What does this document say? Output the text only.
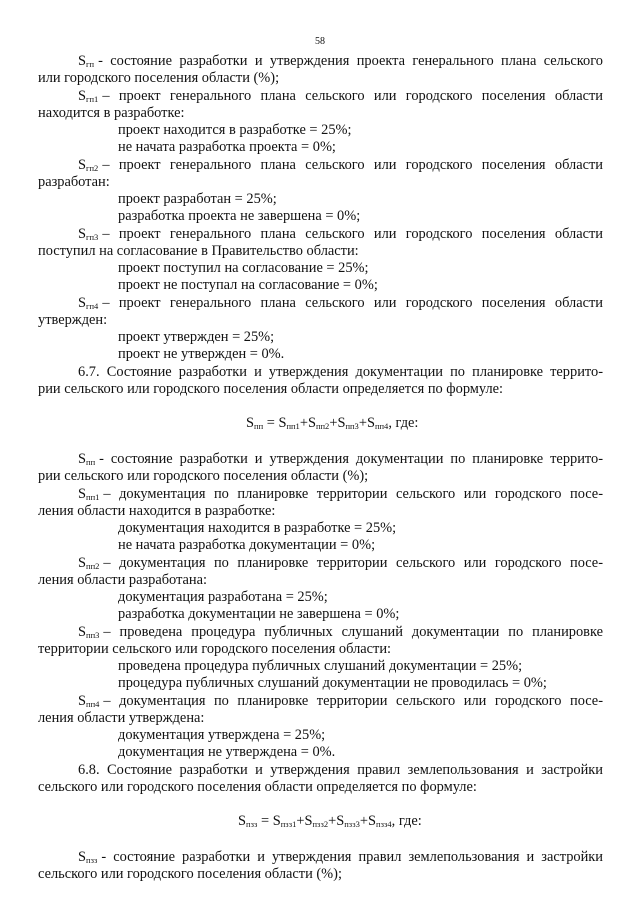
58
$S_{гп}$ - состояние разработки и утверждения проекта генерального плана сельского
или городского поселения области (%);
$S_{гп1}$ – проект генерального плана сельского или городского поселения области
находится в разработке:
проект находится в разработке = 25%;
не начата разработка проекта = 0%;
$S_{гп2}$ – проект генерального плана сельского или городского поселения области
разработан:
проект разработан = 25%;
разработка проекта не завершена = 0%;
$S_{гп3}$ – проект генерального плана сельского или городского поселения области
поступил на согласование в Правительство области:
проект поступил на согласование = 25%;
проект не поступал на согласование = 0%;
$S_{гп4}$ – проект генерального плана сельского или городского поселения области
утвержден:
проект утвержден = 25%;
проект не утвержден = 0%.
6.7. Состояние разработки и утверждения документации по планировке террито-
рии сельского или городского поселения области определяется по формуле:
$S_{пп} = S_{пп1}+S_{пп2}+S_{пп3}+S_{пп4}$, где:
$S_{пп}$ - состояние разработки и утверждения документации по планировке террито-
рии сельского или городского поселения области (%);
$S_{пп1}$ – документация по планировке территории сельского или городского посе-
ления области находится в разработке:
документация находится в разработке = 25%;
не начата разработка документации = 0%;
$S_{пп2}$ – документация по планировке территории сельского или городского посе-
ления области разработана:
документация разработана = 25%;
разработка документации не завершена = 0%;
$S_{пп3}$ – проведена процедура публичных слушаний документации по планировке
территории сельского или городского поселения области:
проведена процедура публичных слушаний документации = 25%;
процедура публичных слушаний документации не проводилась = 0%;
$S_{пп4}$ – документация по планировке территории сельского или городского посе-
ления области утверждена:
документация утверждена = 25%;
документация не утверждена = 0%.
6.8. Состояние разработки и утверждения правил землепользования и застройки
сельского или городского поселения области определяется по формуле:
$S_{пзз} = S_{пзз1}+S_{пзз2}+S_{пзз3}+S_{пзз4}$, где:
$S_{пзз}$ - состояние разработки и утверждения правил землепользования и застройки
сельского или городского поселения области (%);
